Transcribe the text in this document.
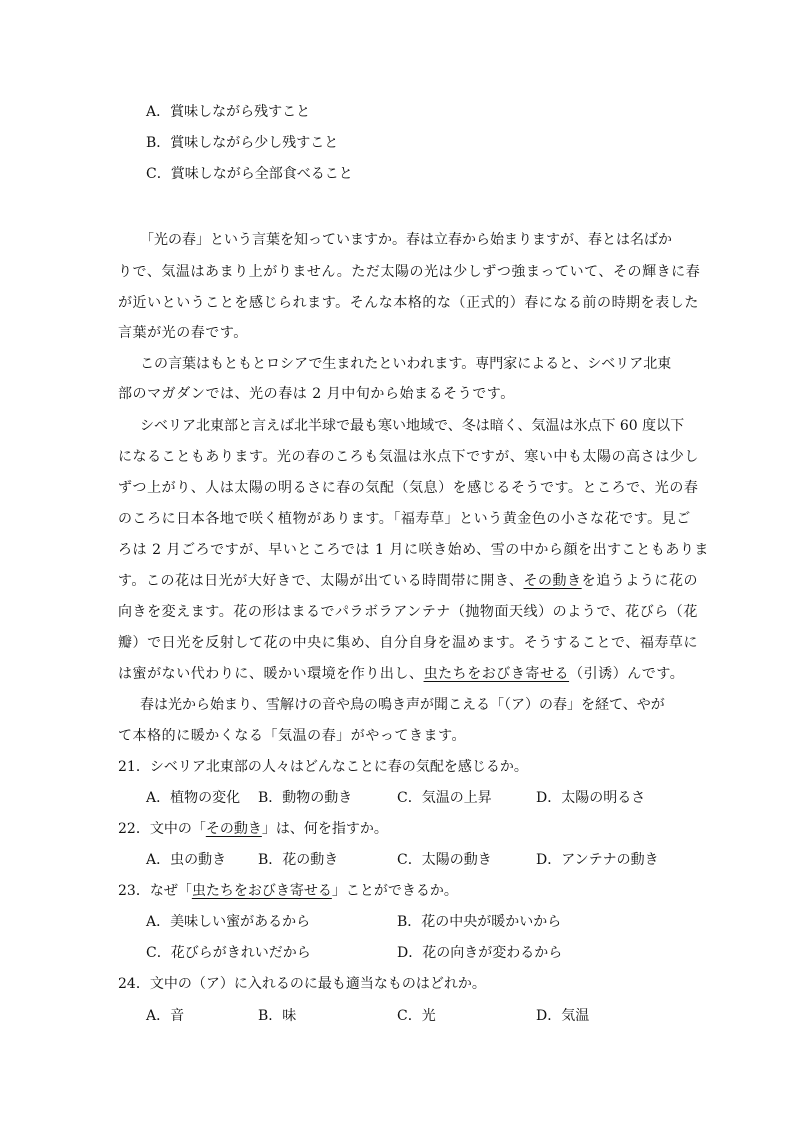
A．賞味しながら残すこと
B．賞味しながら少し残すこと
C．賞味しながら全部食べること
「光の春」という言葉を知っていますか。春は立春から始まりますが、春とは名ばか
りで、気温はあまり上がりません。ただ太陽の光は少しずつ強まっていて、その輝きに春
が近いということを感じられます。そんな本格的な（正式的）春になる前の時期を表した
言葉が光の春です。
この言葉はもともとロシアで生まれたといわれます。専門家によると、シベリア北東
部のマガダンでは、光の春は 2 月中旬から始まるそうです。
シベリア北東部と言えば北半球で最も寒い地域で、冬は暗く、気温は氷点下 60 度以下
になることもあります。光の春のころも気温は氷点下ですが、寒い中も太陽の高さは少し
ずつ上がり、人は太陽の明るさに春の気配（気息）を感じるそうです。ところで、光の春
のころに日本各地で咲く植物があります。「福寿草」という黄金色の小さな花です。見ご
ろは 2 月ごろですが、早いところでは 1 月に咲き始め、雪の中から顔を出すこともありま
す。この花は日光が大好きで、太陽が出ている時間帯に開き、その動きを追うように花の
向きを変えます。花の形はまるでパラボラアンテナ（抛物面天线）のようで、花びら（花
瓣）で日光を反射して花の中央に集め、自分自身を温めます。そうすることで、福寿草に
は蜜がない代わりに、暖かい環境を作り出し、虫たちをおびき寄せる（引诱）んです。
春は光から始まり、雪解けの音や鳥の鳴き声が聞こえる「（ア）の春」を経て、やが
て本格的に暖かくなる「気温の春」がやってきます。
21．シベリア北東部の人々はどんなことに春の気配を感じるか。
A．植物の変化 B．動物の動き	C．気温の上昇	D．太陽の明るさ
22．文中の「その動き」は、何を指すか。
A．虫の動き B．花の動き	C．太陽の動き	D．アンテナの動き
23．なぜ「虫たちをおびき寄せる」ことができるか。
A．美味しい蜜があるから	B．花の中央が暖かいから
C．花びらがきれいだから	D．花の向きが変わるから
24．文中の（ア）に入れるのに最も適当なものはどれか。
A．音	B．味	C．光	D．気温
